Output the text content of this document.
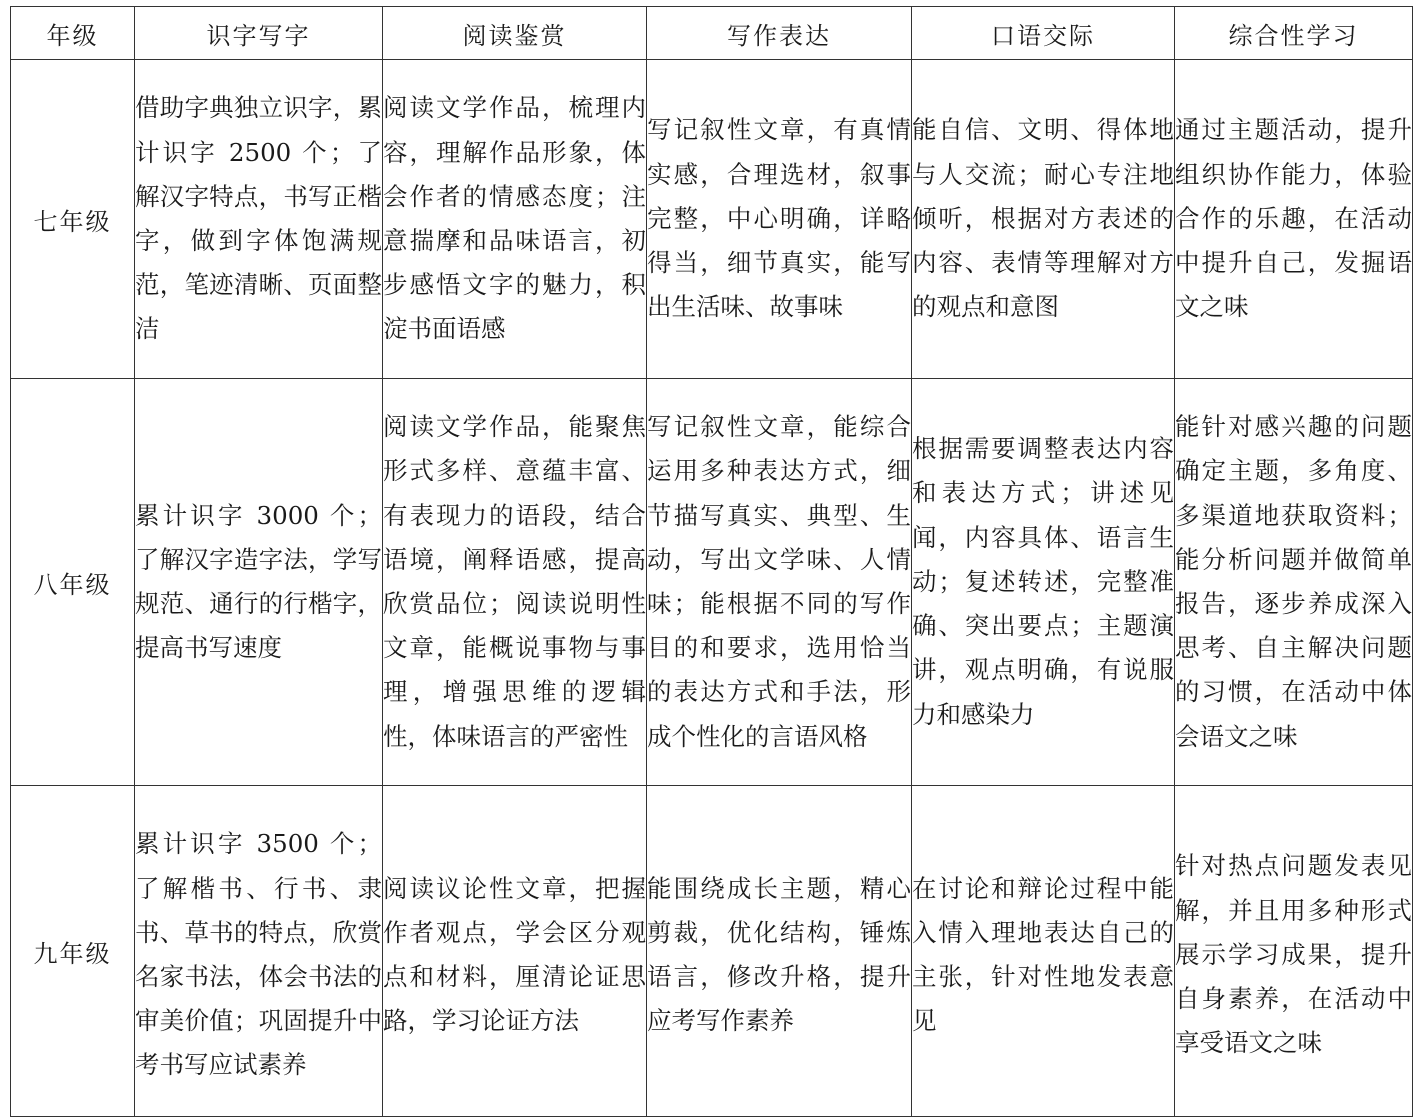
年级	识字写字	阅读鉴赏	写作表达	口语交际	综合性学习
七年级	借助字典独立识字，累计识字 2500 个；了解汉字特点，书写正楷字，做到字体饱满规范，笔迹清晰、页面整洁	阅读文学作品，梳理内容，理解作品形象，体会作者的情感态度；注意揣摩和品味语言，初步感悟文字的魅力，积淀书面语感	写记叙性文章，有真情实感，合理选材，叙事完整，中心明确，详略得当，细节真实，能写出生活味、故事味	能自信、文明、得体地与人交流；耐心专注地倾听，根据对方表述的内容、表情等理解对方的观点和意图	通过主题活动，提升组织协作能力，体验合作的乐趣，在活动中提升自己，发掘语文之味

八年级	累计识字 3000 个；了解汉字造字法，学写规范、通行的行楷字，提高书写速度	阅读文学作品，能聚焦形式多样、意蕴丰富、有表现力的语段，结合语境，阐释语感，提高欣赏品位；阅读说明性文章，能概说事物与事理，增强思维的逻辑性，体味语言的严密性	写记叙性文章，能综合运用多种表达方式，细节描写真实、典型、生动，写出文学味、人情味；能根据不同的写作目的和要求，选用恰当的表达方式和手法，形成个性化的言语风格	根据需要调整表达内容和表达方式；讲述见闻，内容具体、语言生动；复述转述，完整准确、突出要点；主题演讲，观点明确，有说服力和感染力	能针对感兴趣的问题确定主题，多角度、多渠道地获取资料；能分析问题并做简单报告，逐步养成深入思考、自主解决问题的习惯，在活动中体会语文之味

九年级	累计识字 3500 个；了解楷书、行书、隶书、草书的特点，欣赏名家书法，体会书法的审美价值；巩固提升中考书写应试素养	阅读议论性文章，把握作者观点，学会区分观点和材料，厘清论证思路，学习论证方法	能围绕成长主题，精心剪裁，优化结构，锤炼语言，修改升格，提升应考写作素养	在讨论和辩论过程中能入情入理地表达自己的主张，针对性地发表意见	针对热点问题发表见解，并且用多种形式展示学习成果，提升自身素养，在活动中享受语文之味
